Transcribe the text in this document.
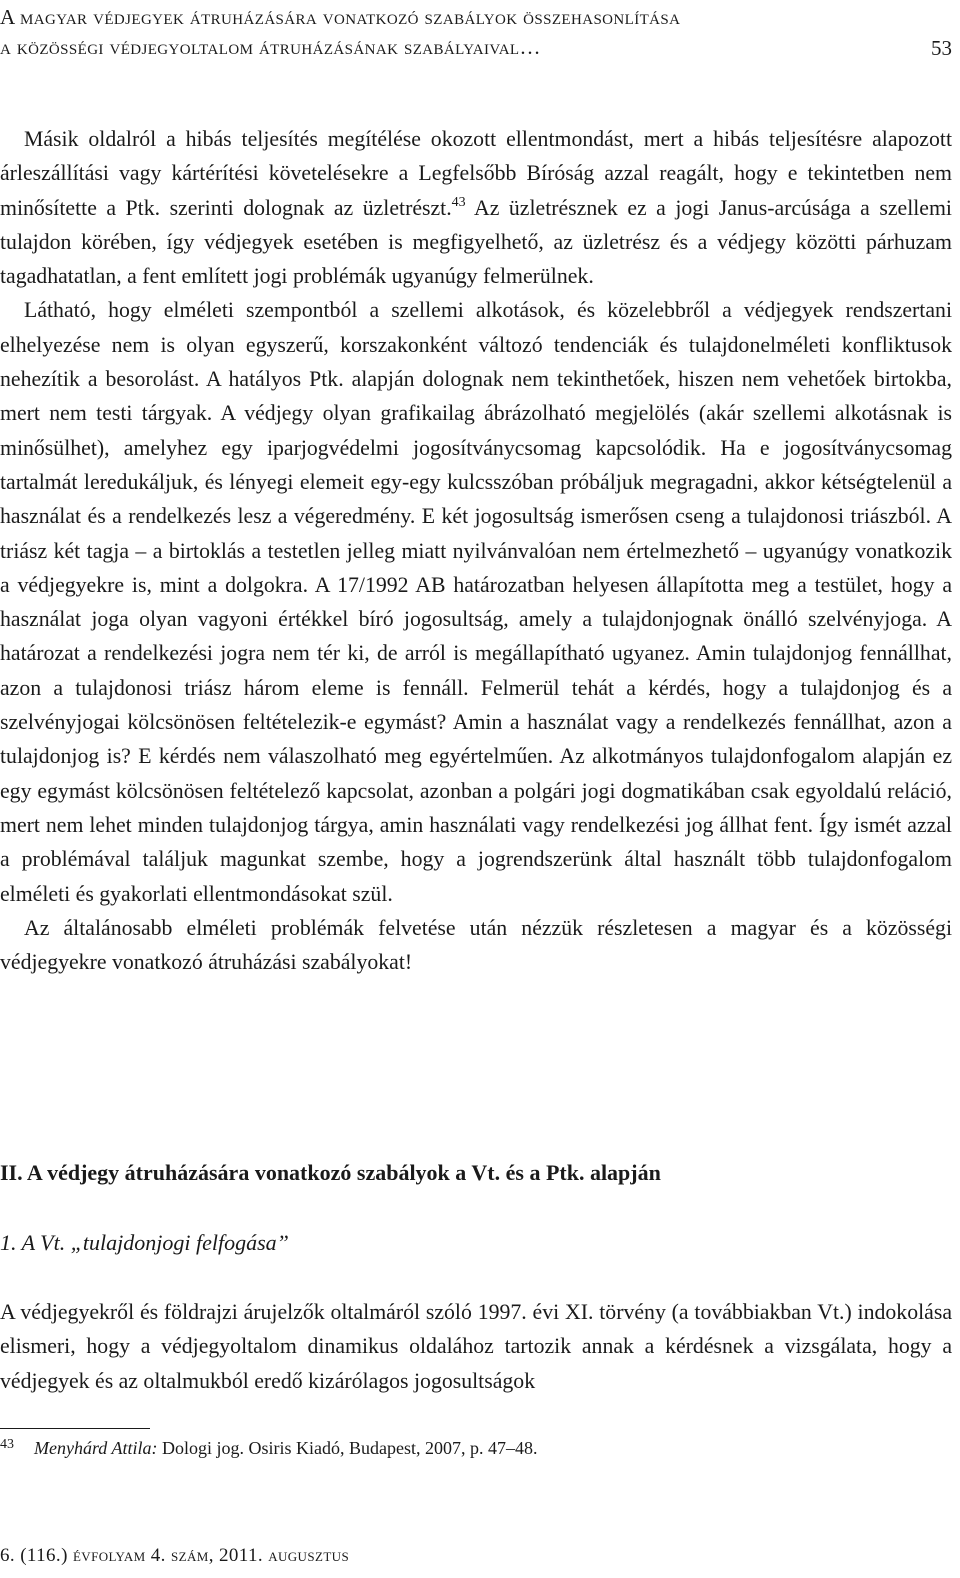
A magyar védjegyek átruházására vonatkozó szabályok összehasonlítása
a közösségi védjegyoltalom átruházásának szabályaival…	53

Másik oldalról a hibás teljesítés megítélése okozott ellentmondást, mert a hibás teljesítésre alapozott árleszállítási vagy kártérítési követelésekre a Legfelsőbb Bíróság azzal reagált, hogy e tekintetben nem minősítette a Ptk. szerinti dolognak az üzletrészt.$^{43}$ Az üzletrésznek ez a jogi Janus-arcúsága a szellemi tulajdon körében, így védjegyek esetében is megfigyelhető, az üzletrész és a védjegy közötti párhuzam tagadhatatlan, a fent említett jogi problémák ugyanúgy felmerülnek.

Látható, hogy elméleti szempontból a szellemi alkotások, és közelebbről a védjegyek rendszertani elhelyezése nem is olyan egyszerű, korszakonként változó tendenciák és tulajdonelméleti konfliktusok nehezítik a besorolást. A hatályos Ptk. alapján dolognak nem tekinthetőek, hiszen nem vehetőek birtokba, mert nem testi tárgyak. A védjegy olyan grafikailag ábrázolható megjelölés (akár szellemi alkotásnak is minősülhet), amelyhez egy iparjogvédelmi jogosítványcsomag kapcsolódik. Ha e jogosítványcsomag tartalmát leredukáljuk, és lényegi elemeit egy-egy kulcsszóban próbáljuk megragadni, akkor kétségtelenül a használat és a rendelkezés lesz a végeredmény. E két jogosultság ismerősen cseng a tulajdonosi triászból. A triász két tagja – a birtoklás a testetlen jelleg miatt nyilvánvalóan nem értelmezhető – ugyanúgy vonatkozik a védjegyekre is, mint a dolgokra. A 17/1992 AB határozatban helyesen állapította meg a testület, hogy a használat joga olyan vagyoni értékkel bíró jogosultság, amely a tulajdonjognak önálló szelvényjoga. A határozat a rendelkezési jogra nem tér ki, de arról is megállapítható ugyanez. Amin tulajdonjog fennállhat, azon a tulajdonosi triász három eleme is fennáll. Felmerül tehát a kérdés, hogy a tulajdonjog és a szelvényjogai kölcsönösen feltételezik-e egymást? Amin a használat vagy a rendelkezés fennállhat, azon a tulajdonjog is? E kérdés nem válaszolható meg egyértelműen. Az alkotmányos tulajdonfogalom alapján ez egy egymást kölcsönösen feltételező kapcsolat, azonban a polgári jogi dogmatikában csak egyoldalú reláció, mert nem lehet minden tulajdonjog tárgya, amin használati vagy rendelkezési jog állhat fent. Így ismét azzal a problémával találjuk magunkat szembe, hogy a jogrendszerünk által használt több tulajdonfogalom elméleti és gyakorlati ellentmondásokat szül.

Az általánosabb elméleti problémák felvetése után nézzük részletesen a magyar és a közösségi védjegyekre vonatkozó átruházási szabályokat!

II. A védjegy átruházására vonatkozó szabályok a Vt. és a Ptk. alapján
1. A Vt. „tulajdonjogi felfogása”

A védjegyekről és földrajzi árujelzők oltalmáról szóló 1997. évi XI. törvény (a továbbiakban Vt.) indokolása elismeri, hogy a védjegyoltalom dinamikus oldalához tartozik annak a kérdésnek a vizsgálata, hogy a védjegyek és az oltalmukból eredő kizárólagos jogosultságok

43 Menyhárd Attila: Dologi jog. Osiris Kiadó, Budapest, 2007, p. 47–48.
6. (116.) évfolyam 4. szám, 2011. augusztus
